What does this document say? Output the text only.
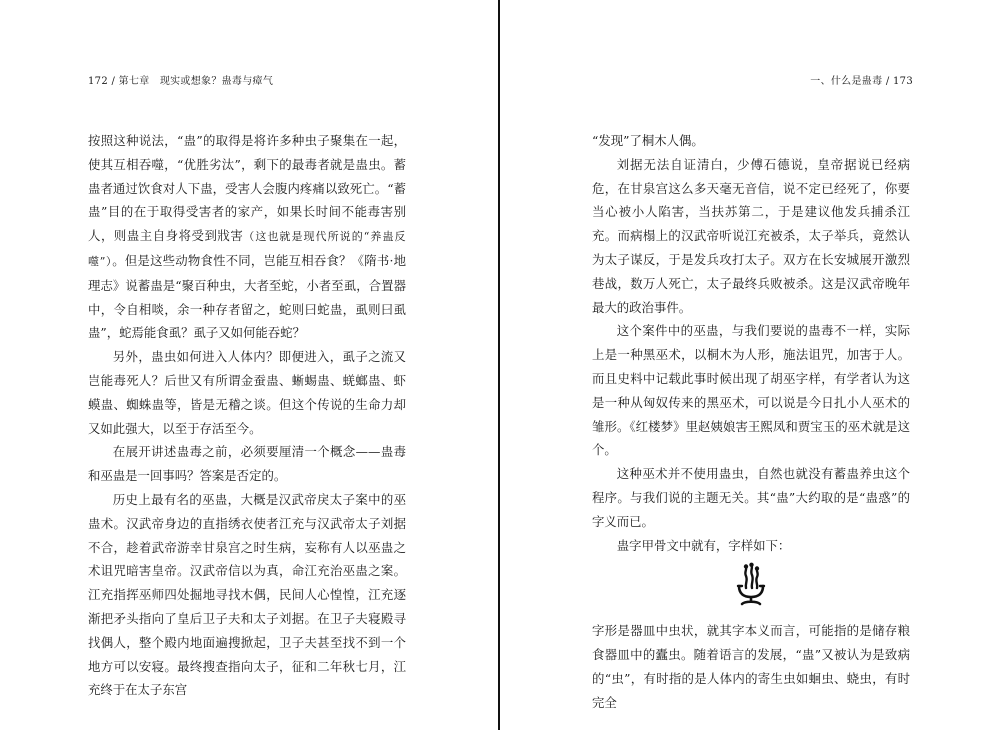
172 / 第七章　现实或想象？蛊毒与瘴气

按照这种说法，“蛊”的取得是将许多种虫子聚集在一起，使其互相吞噬，“优胜劣汰”，剩下的最毒者就是蛊虫。蓄蛊者通过饮食对人下蛊，受害人会腹内疼痛以致死亡。“蓄蛊”目的在于取得受害者的家产，如果长时间不能毒害别人，则蛊主自身将受到戕害（这也就是现代所说的“养蛊反噬”）。但是这些动物食性不同，岂能互相吞食？《隋书·地理志》说蓄蛊是“聚百种虫，大者至蛇，小者至虱，合置器中，令自相啖，余一种存者留之，蛇则曰蛇蛊，虱则曰虱蛊”，蛇焉能食虱？虱子又如何能吞蛇？

另外，蛊虫如何进入人体内？即便进入，虱子之流又岂能毒死人？后世又有所谓金蚕蛊、蜥蜴蛊、蜣螂蛊、虾蟆蛊、蜘蛛蛊等，皆是无稽之谈。但这个传说的生命力却又如此强大，以至于存活至今。

在展开讲述蛊毒之前，必须要厘清一个概念——蛊毒和巫蛊是一回事吗？答案是否定的。

历史上最有名的巫蛊，大概是汉武帝戾太子案中的巫蛊术。汉武帝身边的直指绣衣使者江充与汉武帝太子刘据不合，趁着武帝游幸甘泉宫之时生病，妄称有人以巫蛊之术诅咒暗害皇帝。汉武帝信以为真，命江充治巫蛊之案。江充指挥巫师四处掘地寻找木偶，民间人心惶惶，江充逐渐把矛头指向了皇后卫子夫和太子刘据。在卫子夫寝殿寻找偶人，整个殿内地面遍搜掀起，卫子夫甚至找不到一个地方可以安寝。最终搜查指向太子，征和二年秋七月，江充终于在太子东宫

一、什么是蛊毒 / 173

“发现”了桐木人偶。

刘据无法自证清白，少傅石德说，皇帝据说已经病危，在甘泉宫这么多天毫无音信，说不定已经死了，你要当心被小人陷害，当扶苏第二，于是建议他发兵捕杀江充。而病榻上的汉武帝听说江充被杀，太子举兵，竟然认为太子谋反，于是发兵攻打太子。双方在长安城展开激烈巷战，数万人死亡，太子最终兵败被杀。这是汉武帝晚年最大的政治事件。

这个案件中的巫蛊，与我们要说的蛊毒不一样，实际上是一种黑巫术，以桐木为人形，施法诅咒，加害于人。而且史料中记载此事时候出现了胡巫字样，有学者认为这是一种从匈奴传来的黑巫术，可以说是今日扎小人巫术的雏形。《红楼梦》里赵姨娘害王熙凤和贾宝玉的巫术就是这个。

这种巫术并不使用蛊虫，自然也就没有蓄蛊养虫这个程序。与我们说的主题无关。其“蛊”大约取的是“蛊惑”的字义而已。

蛊字甲骨文中就有，字样如下：

字形是器皿中虫状，就其字本义而言，可能指的是储存粮食器皿中的蠹虫。随着语言的发展，“蛊”又被认为是致病的“虫”，有时指的是人体内的寄生虫如蛔虫、蛲虫，有时完全
